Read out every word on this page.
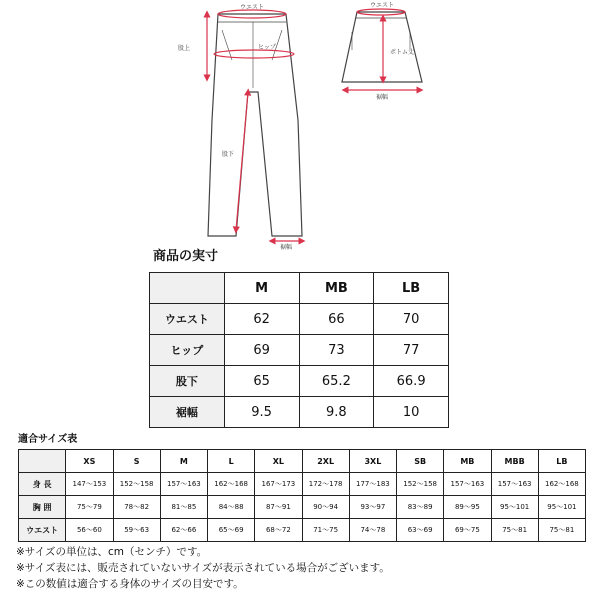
ウエスト
ヒップ
股上
股下
裾幅
ウエスト
ボトム丈
裾幅
商品の実寸
	M	MB	LB
ウエスト	62	66	70
ヒップ	69	73	77
股下	65	65.2	66.9
裾幅	9.5	9.8	10
適合サイズ表
	XS	S	M	L	XL	2XL	3XL	SB	MB	MBB	LB
身 長	147〜153	152〜158	157〜163	162〜168	167〜173	172〜178	177〜183	152〜158	157〜163	157〜163	162〜168
胸 囲	75〜79	78〜82	81〜85	84〜88	87〜91	90〜94	93〜97	83〜89	89〜95	95〜101	95〜101
ウエスト	56〜60	59〜63	62〜66	65〜69	68〜72	71〜75	74〜78	63〜69	69〜75	75〜81	75〜81
※サイズの単位は、cm（センチ）です。
※サイズ表には、販売されていないサイズが表示されている場合がございます。
※この数値は適合する身体のサイズの目安です。
